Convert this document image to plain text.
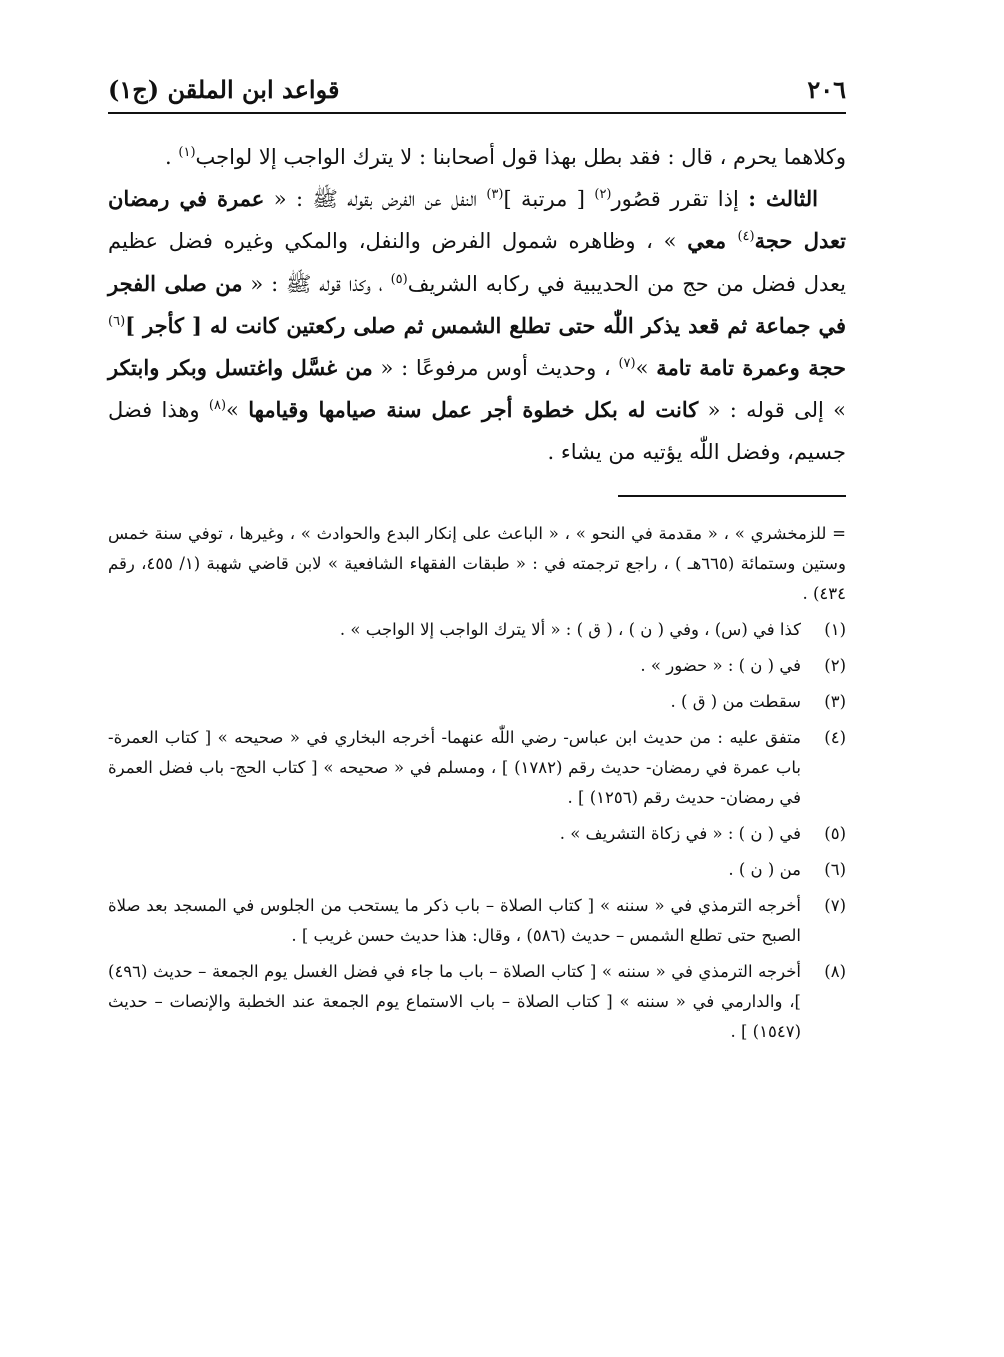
٢٠٦
قواعد ابن الملقن (ج١)

وكلاهما يحرم ، قال : فقد بطل بهذا قول أصحابنا : لا يترك الواجب إلا لواجب$^{(١)}$ .

الثالث : إذا تقرر قصُور$^{(٢)}$ [ مرتبة ]$^{(٣)}$ النفل عن الفرض بقوله ﷺ : « عمرة في رمضان تعدل حجة$^{(٤)}$ معي » ، وظاهره شمول الفرض والنفل، والمكي وغيره فضل عظيم يعدل فضل من حج من الحديبية في ركابه الشريف$^{(٥)}$ ، وكذا قوله ﷺ : « من صلى الفجر في جماعة ثم قعد يذكر اللّٰه حتى تطلع الشمس ثم صلى ركعتين كانت له [ كأجر ]$^{(٦)}$ حجة وعمرة تامة تامة »$^{(٧)}$ ، وحديث أوس مرفوعًا : « من غسَّل واغتسل وبكر وابتكر » إلى قوله : « كانت له بكل خطوة أجر عمل سنة صيامها وقيامها »$^{(٨)}$ وهذا فضل جسيم، وفضل اللّٰه يؤتيه من يشاء .

= للزمخشري » ، « مقدمة في النحو » ، « الباعث على إنكار البدع والحوادث » ، وغيرها ، توفي سنة خمس وستين وستمائة (٦٦٥هـ ) ، راجع ترجمته في : « طبقات الفقهاء الشافعية » لابن قاضي شهبة (١/ ٤٥٥، رقم ٤٣٤) .
(١)
كذا في (س) ، وفي ( ن ) ، ( ق ) : « ألا يترك الواجب إلا الواجب » .
(٢)
في ( ن ) : « حضور » .
(٣)
سقطت من ( ق ) .
(٤)
متفق عليه : من حديث ابن عباس- رضي اللّٰه عنهما- أخرجه البخاري في « صحيحه » [ كتاب العمرة- باب عمرة في رمضان- حديث رقم (١٧٨٢) ] ، ومسلم في « صحيحه » [ كتاب الحج- باب فضل العمرة في رمضان- حديث رقم (١٢٥٦) ] .
(٥)
في ( ن ) : « في زكاة التشريف » .
(٦)
من ( ن ) .
(٧)
أخرجه الترمذي في « سننه » [ كتاب الصلاة – باب ذكر ما يستحب من الجلوس في المسجد بعد صلاة الصبح حتى تطلع الشمس – حديث (٥٨٦) ، وقال: هذا حديث حسن غريب ] .
(٨)
أخرجه الترمذي في « سننه » [ كتاب الصلاة – باب ما جاء في فضل الغسل يوم الجمعة – حديث (٤٩٦) ]، والدارمي في « سننه » [ كتاب الصلاة – باب الاستماع يوم الجمعة عند الخطبة والإنصات – حديث (١٥٤٧) ] .
